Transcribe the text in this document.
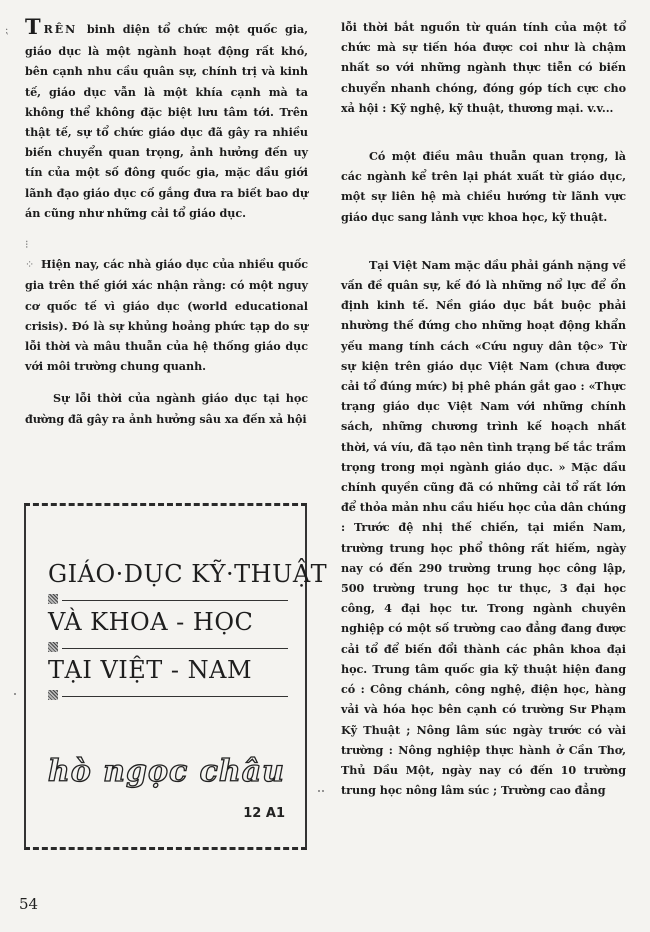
⁏ T RÊN binh diện tổ chức một quốc gia, giáo dục là một ngành hoạt động rất khó, bên cạnh nhu cầu quân sự, chính trị và kinh tế, giáo dục vẫn là một khía cạnh mà ta không thể không đặc biệt lưu tâm tới. Trên thật tế, sự tổ chức giáo dục đã gây ra nhiều biến chuyển quan trọng, ảnh hưởng đến uy tín của một số đông quốc gia, mặc dầu giới lãnh đạo giáo dục cố gắng đưa ra biết bao dự án cũng như những cải tổ giáo dục.

⁝ ⁘ Hiện nay, các nhà giáo dục của nhiều quốc gia trên thế giới xác nhận rằng: có một nguy cơ quốc tế vì giáo dục (world educational crisis). Đó là sự khủng hoảng phức tạp do sự lỗi thời và mâu thuẫn của hệ thống giáo dục với môi trường chung quanh.

Sự lỗi thời của ngành giáo dục tại học đường đã gây ra ảnh hưởng sâu xa đến xả hội

GIÁO·DỤC KỸ·THUẬT
VÀ KHOA - HỌC
TẠI VIỆT - NAM
hò ngọc châu
12 A1

lỗi thời bắt nguồn từ quán tính của một tổ chức mà sự tiến hóa được coi như là chậm nhất so với những ngành thực tiễn có biến chuyển nhanh chóng, đóng góp tích cực cho xả hội : Kỹ nghệ, kỹ thuật, thương mại. v.v...

Có một điều mâu thuẫn quan trọng, là các ngành kể trên lại phát xuất từ giáo dục, một sự liên hệ mà chiều hướng từ lãnh vực giáo dục sang lảnh vực khoa học, kỹ thuật.

Tại Việt Nam mặc dầu phải gánh nặng về vấn đề quân sự, kế đó là những nổ lực để ổn định kinh tế. Nền giáo dục bắt buộc phải nhường thế đứng cho những hoạt động khẩn yếu mang tính cách «Cứu nguy dân tộc» Từ sự kiện trên giáo dục Việt Nam (chưa được cải tổ đúng mức) bị phê phán gắt gao : «Thực trạng giáo dục Việt Nam với những chính sách, những chương trình kế hoạch nhất thời, vá víu, đã tạo nên tình trạng bế tắc trầm trọng trong mọi ngành giáo dục. » Mặc dầu chính quyền cũng đã có những cải tổ rất lớn để thỏa mản nhu cầu hiếu học của dân chúng : Trước đệ nhị thế chiến, tại miền Nam, trường trung học phổ thông rất hiếm, ngày nay có đến 290 trường trung học công lập, 500 trường trung học tư thục, 3 đại học công, 4 đại học tư. Trong ngành chuyên nghiệp có một số trường cao đẳng đang được cải tổ để biến đổi thành các phân khoa đại học. Trung tâm quốc gia kỹ thuật hiện đang có : Công chánh, công nghệ, điện học, hàng vải và hóa học bên cạnh có trường Sư Phạm Kỹ Thuật ; Nông lâm súc ngày trước có vài trường : Nông nghiệp thực hành ở Cần Thơ, Thủ Dầu Một, ngày nay có đến 10 trường trung học nông lâm súc ; Trường cao đẳng

54
